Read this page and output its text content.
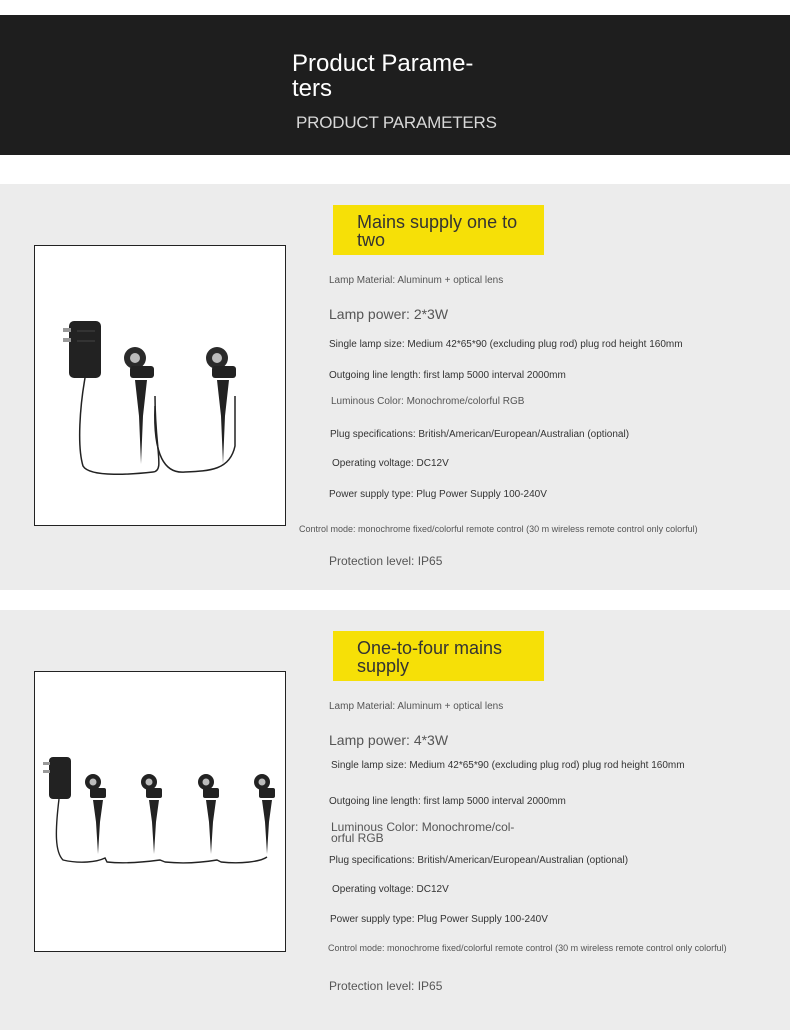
Product Parame- ters
PRODUCT PARAMETERS
Mains supply one to two
Lamp Material: Aluminum + optical lens
Lamp power: 2*3W
Single lamp size: Medium 42*65*90 (excluding plug rod) plug rod height 160mm
Outgoing line length: first lamp 5000 interval 2000mm
Luminous Color: Monochrome/colorful RGB
Plug specifications: British/American/European/Australian (optional)
Operating voltage: DC12V
Power supply type: Plug Power Supply 100-240V
Control mode: monochrome fixed/colorful remote control (30 m wireless remote control only colorful)
Protection level: IP65
One-to-four mains supply
Lamp Material: Aluminum + optical lens
Lamp power: 4*3W
Single lamp size: Medium 42*65*90 (excluding plug rod) plug rod height 160mm
Outgoing line length: first lamp 5000 interval 2000mm
Luminous Color: Monochrome/col- orful RGB
Plug specifications: British/American/European/Australian (optional)
Operating voltage: DC12V
Power supply type: Plug Power Supply 100-240V
Control mode: monochrome fixed/colorful remote control (30 m wireless remote control only colorful)
Protection level: IP65
